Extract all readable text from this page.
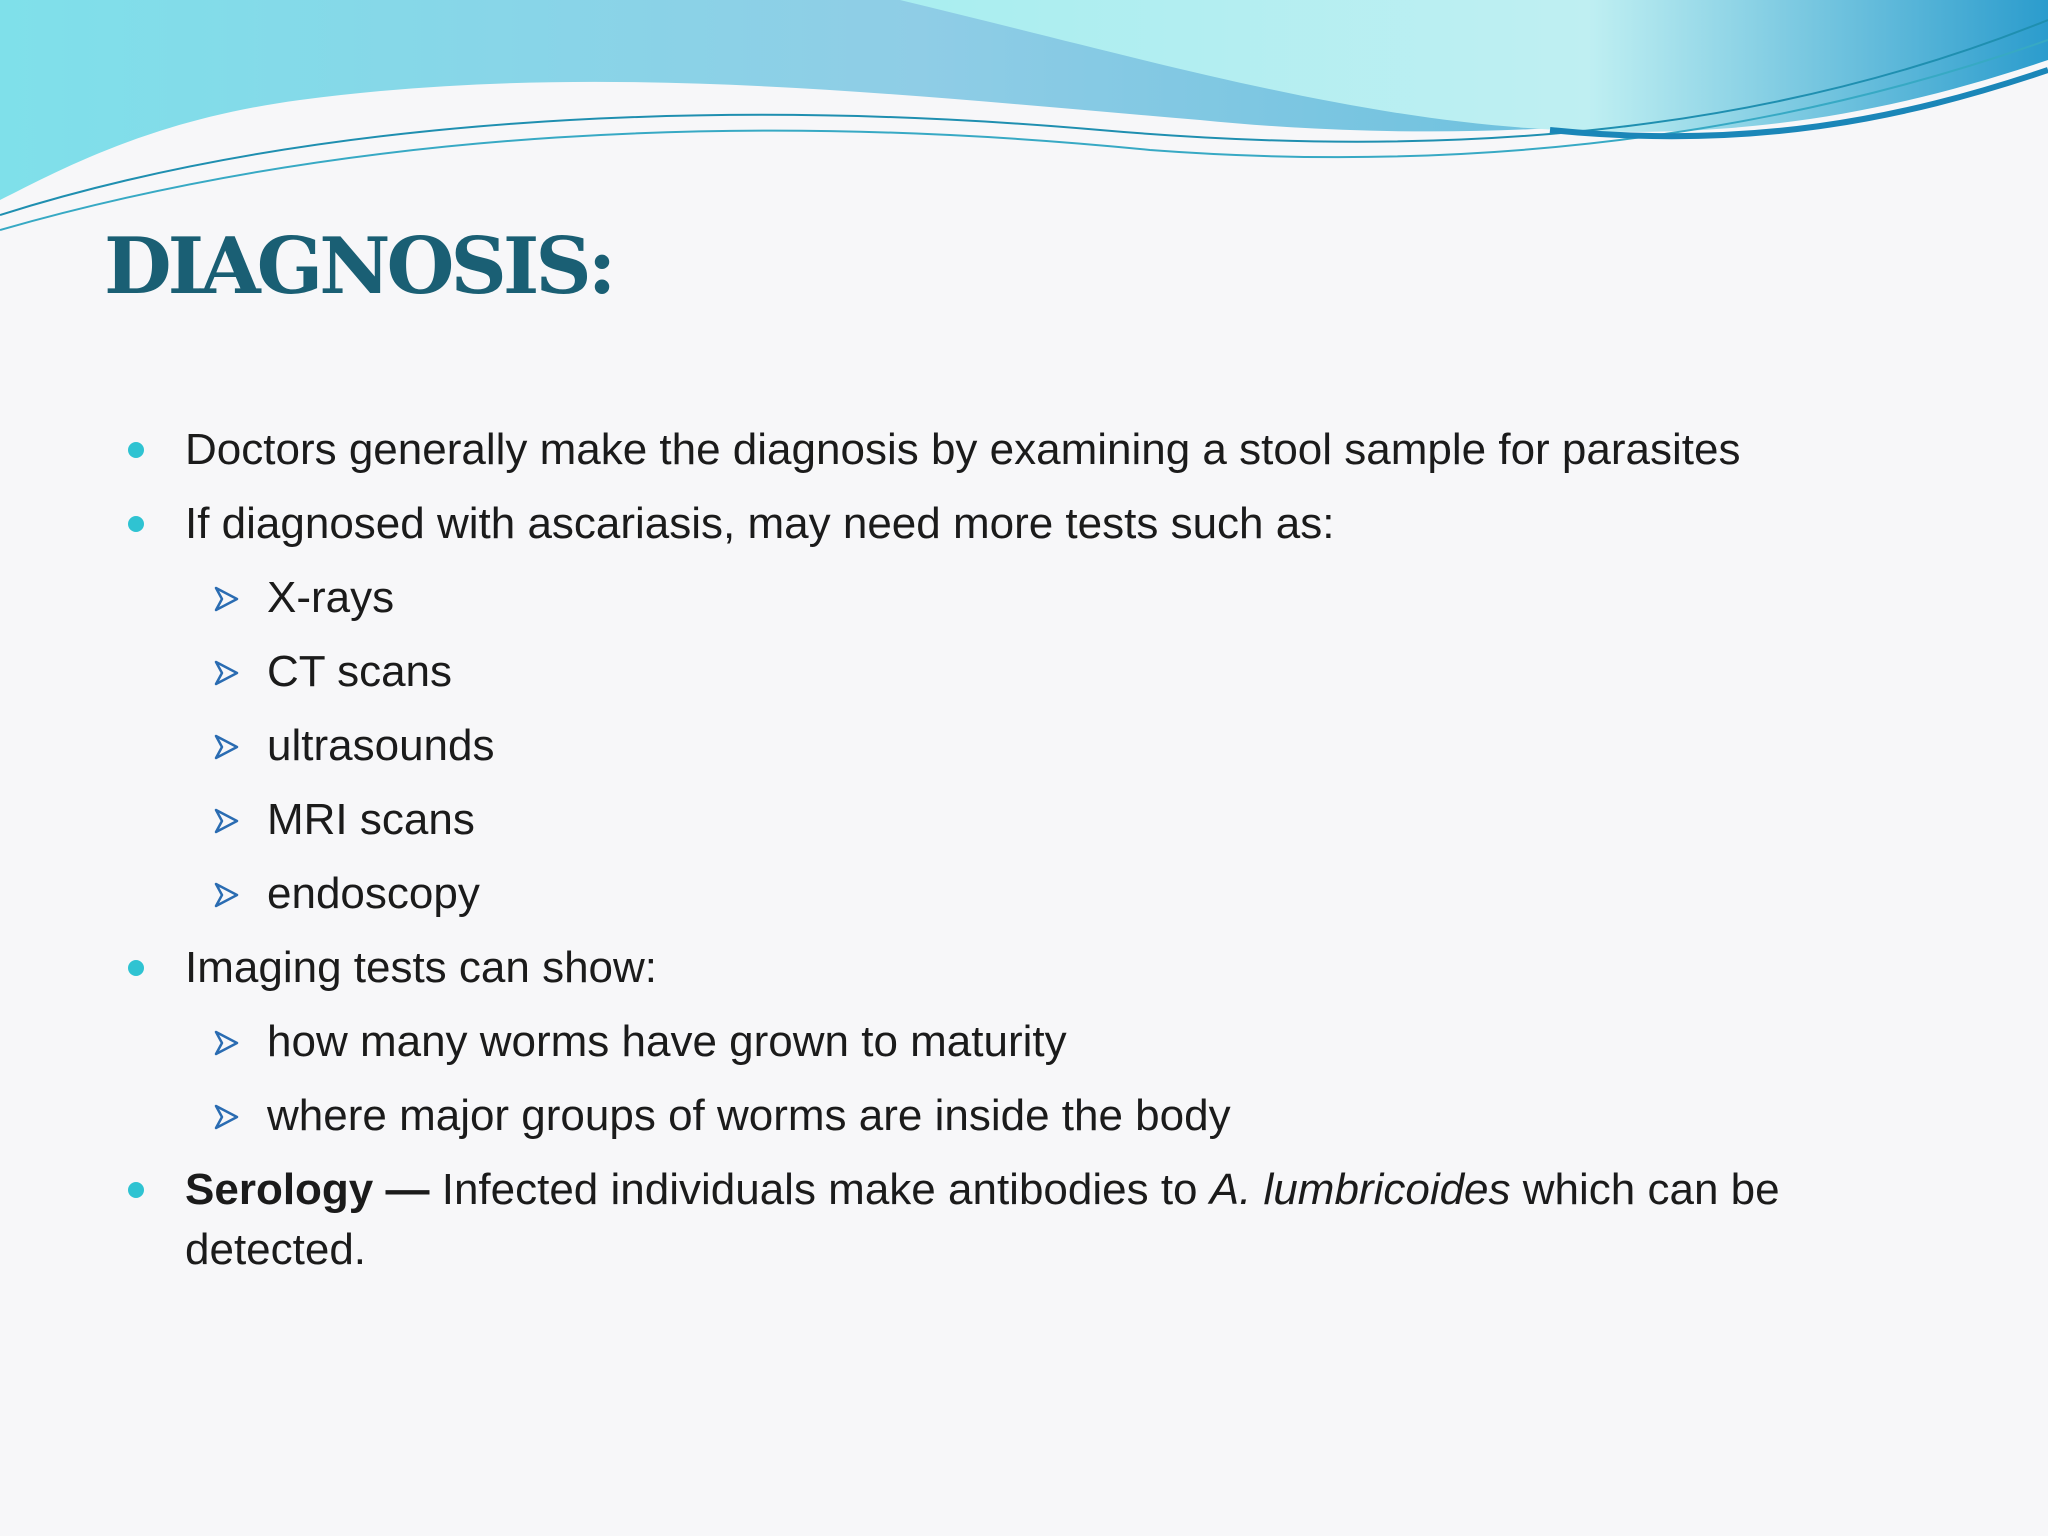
DIAGNOSIS:
Doctors generally make the diagnosis by examining a stool sample for parasites
If diagnosed with ascariasis, may need more tests such as:
X-rays
CT scans
ultrasounds
MRI scans
endoscopy
Imaging tests can show:
how many worms have grown to maturity
where major groups of worms are inside the body
Serology — Infected individuals make antibodies to A. lumbricoides which can be detected.
